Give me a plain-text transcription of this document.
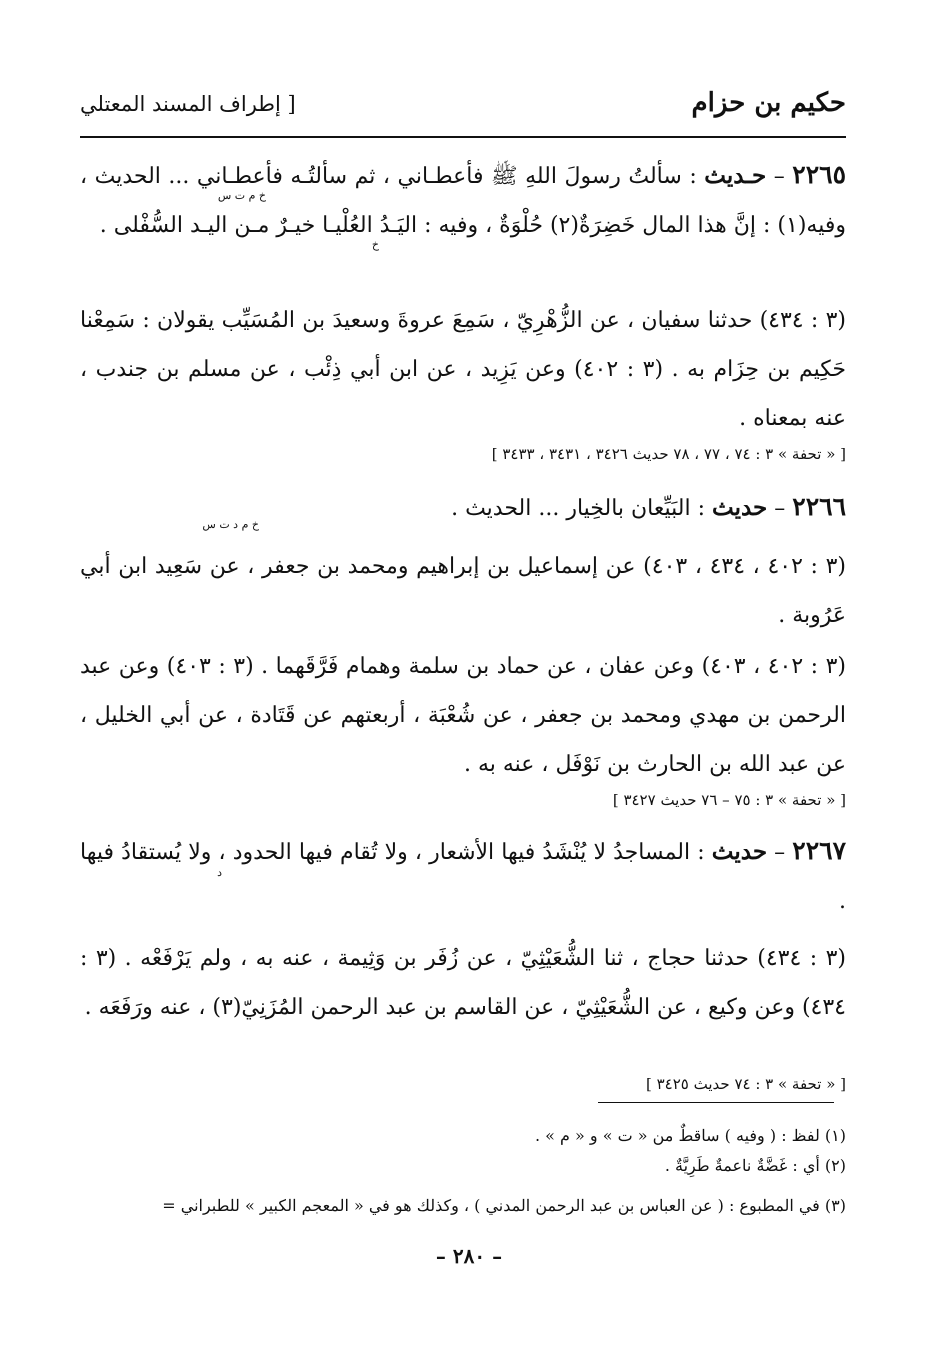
حكيم بن حزام
[ إطراف المسند المعتلي
٢٢٦٥ – حـديث : سألتُ رسولَ اللهِ ﷺ فأعطـاني ، ثم سألتُـه فأعطـاني ... الحديث ، وفيه(١) : إنَّ هذا المال خَضِرَةٌ(٢) حُلْوَةٌ ، وفيه : اليَـدُ العُلْيـا خيـرٌ مـن اليـد السُّفْلى .
خ م ت س
خ
(٣ : ٤٣٤) حدثنا سفيان ، عن الزُّهْرِيّ ، سَمِعَ عروةَ وسعيدَ بن المُسَيِّب يقولان : سَمِعْنا حَكِيم بن حِزَام به . (٣ : ٤٠٢) وعن يَزِيد ، عن ابن أبي ذِئْب ، عن مسلم بن جندب ، عنه بمعناه .
[ « تحفة » ٣ : ٧٤ ، ٧٧ ، ٧٨ حديث ٣٤٢٦ ، ٣٤٣١ ، ٣٤٣٣ ]
٢٢٦٦ – حديث : البَيِّعان بالخِيار ... الحديث .
خ م د ت س
(٣ : ٤٠٢ ، ٤٣٤ ، ٤٠٣) عن إسماعيل بن إبراهيم ومحمد بن جعفر ، عن سَعِيد ابن أبي عَرُوبة .
(٣ : ٤٠٢ ، ٤٠٣) وعن عفان ، عن حماد بن سلمة وهمام فَرَّقَهما . (٣ : ٤٠٣) وعن عبد الرحمن بن مهدي ومحمد بن جعفر ، عن شُعْبَة ، أربعتهم عن قَتَادة ، عن أبي الخليل ، عن عبد الله بن الحارث بن نَوْفَل ، عنه به .
[ « تحفة » ٣ : ٧٥ – ٧٦ حديث ٣٤٢٧ ]
٢٢٦٧ – حديث : المساجدُ لا يُنْشَدُ فيها الأشعار ، ولا تُقام فيها الحدود ، ولا يُستقادُ فيها .
د
(٣ : ٤٣٤) حدثنا حجاج ، ثنا الشُّعَيْثِيّ ، عن زُفَر بن وَثِيمة ، عنه به ، ولم يَرْفَعْه . (٣ : ٤٣٤) وعن وكيع ، عن الشُّعَيْثِيّ ، عن القاسم بن عبد الرحمن المُزَنِيّ(٣) ، عنه ورَفَعَه .
[ « تحفة » ٣ : ٧٤ حديث ٣٤٢٥ ]
(١) لفظ : ( وفيه ) ساقطٌ من « ت » و « م » .
(٢) أي : غَضَّةٌ ناعمةٌ طَرِيَّةٌ .
(٣) في المطبوع : ( عن العباس بن عبد الرحمن المدني ) ، وكذلك هو في « المعجم الكبير » للطبراني =
– ٢٨٠ –
